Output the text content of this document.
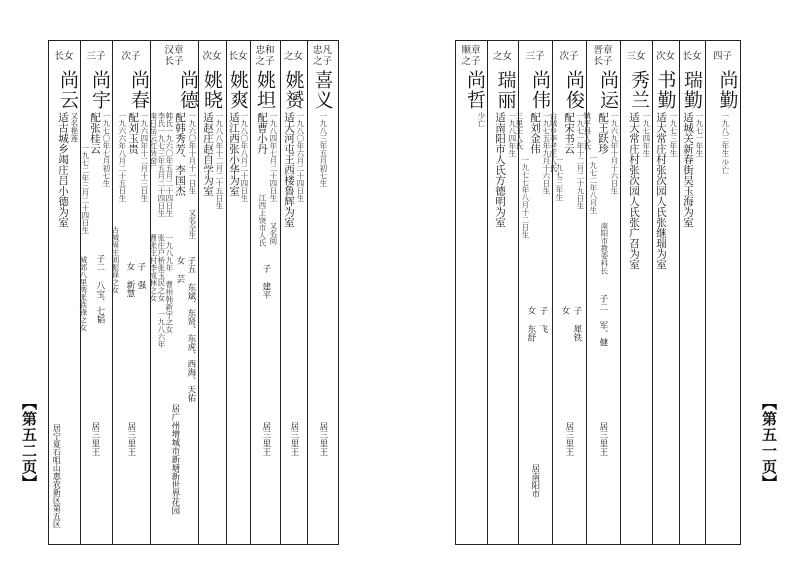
【第五二页】
忠凡
之子
喜义
一九八三年五月初七生
居三里王
之女
姚赟
一九八〇年六月二十四日生
适大河屯王西楼鲁辉为室
居三里王
忠和
之子
姚坦
一九八四年七月二十四日生
又名阅
配曹小丹
江西上饶市人氏
子
建平
居三里王
长女
姚爽
一九八〇年八月二十四日生
适江西张小华为室
次女
姚晓
一九八八年十二月二十五日生
适赵庄赵自学为室
汉章
长子
尚德
一九六〇年十月十一日生
又名全生
配韩秀芳、李国杰
韩氏一九六〇年五月二十四日生
李氏一九七三年五月二十四日生
南日岳云红砖窑厂
一九八九年 曹州韩新宇之女
张庄户桥张玉民之女 一九八六年
曹张庄村李成林之女	子五 东斌、东贤、东虎、西海、天佑
女 芸
居广州增城市新塘新世界花园
次子
尚春
一九六四年十二月十三日生
配刘玉贵
一九六六年八月二十五日生
古城周庄刘振铎之女 子 强
女 新慧
居三里王
三子
尚宇
一九七〇年七月初七生
配张桂云
一九七二年三月二十四日生
城郊八里湾张铁锋之女 子二 八宝、七韬
居三里王
长女
尚云
又名艳莲
适古城乡竭庄吕小德为室
居宁夏石咀山惠农新区第五区	【第五一页】
四子
尚勤
一九八三年生
少亡
长女
瑞勤
一九七一年生
适城关新春街吴玉海为室
次女
书勤
一九七三年生
适大常庄村张次园人氏张继瑞为室
三女
秀兰
一九七四年生
适大常庄村张次园人氏张广召为室
晋章
长子
尚运
一九六九年十月十六日生
配王跃珍
南阳市教委科长
一九七二年八月生
镇平县人氏
子二 军、健
居三里王
次子
尚俊
一九七一年十二月二十九日生
配宋书云
一九七三年生
台城乡李老庄人氏
子 犀铁
女
居三里王
三子
尚伟
一九七五年九月十六日生
配刘金伟
一九七七年八月十二日生
三里王人氏
子 飞
女 东舒
居南阳市
之女
瑞丽
一九八四年生
适南阳市人氏方德明为室
顺章
之子
尚哲
少亡
